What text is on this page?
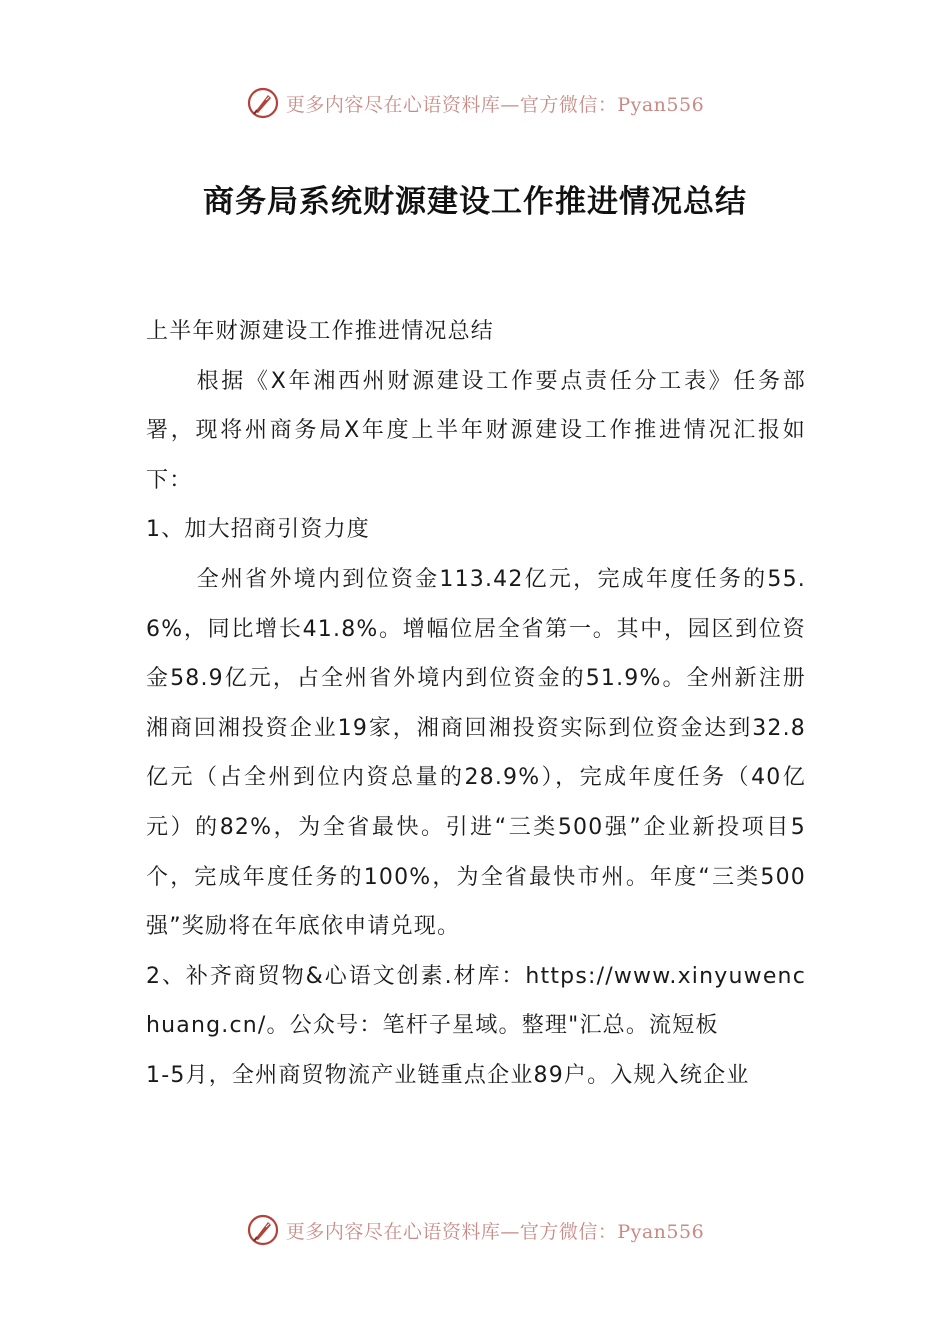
更多内容尽在心语资料库—官方微信：Pyan556
商务局系统财源建设工作推进情况总结

上半年财源建设工作推进情况总结

根据《X年湘西州财源建设工作要点责任分工表》任务部署，现将州商务局X年度上半年财源建设工作推进情况汇报如下：

1、加大招商引资力度

全州省外境内到位资金113.42亿元，完成年度任务的55.6%，同比增长41.8%。增幅位居全省第一。其中，园区到位资金58.9亿元，占全州省外境内到位资金的51.9%。全州新注册湘商回湘投资企业19家，湘商回湘投资实际到位资金达到32.8亿元（占全州到位内资总量的28.9%），完成年度任务（40亿元）的82%，为全省最快。引进“三类500强”企业新投项目5个，完成年度任务的100%，为全省最快市州。年度“三类500强”奖励将在年底依申请兑现。

2、补齐商贸物&心语文创素.材库：https://www.xinyuwenchuang.cn/。公众号：笔杆子星域。整理"汇总。流短板

1-5月，全州商贸物流产业链重点企业89户。入规入统企业

更多内容尽在心语资料库—官方微信：Pyan556
